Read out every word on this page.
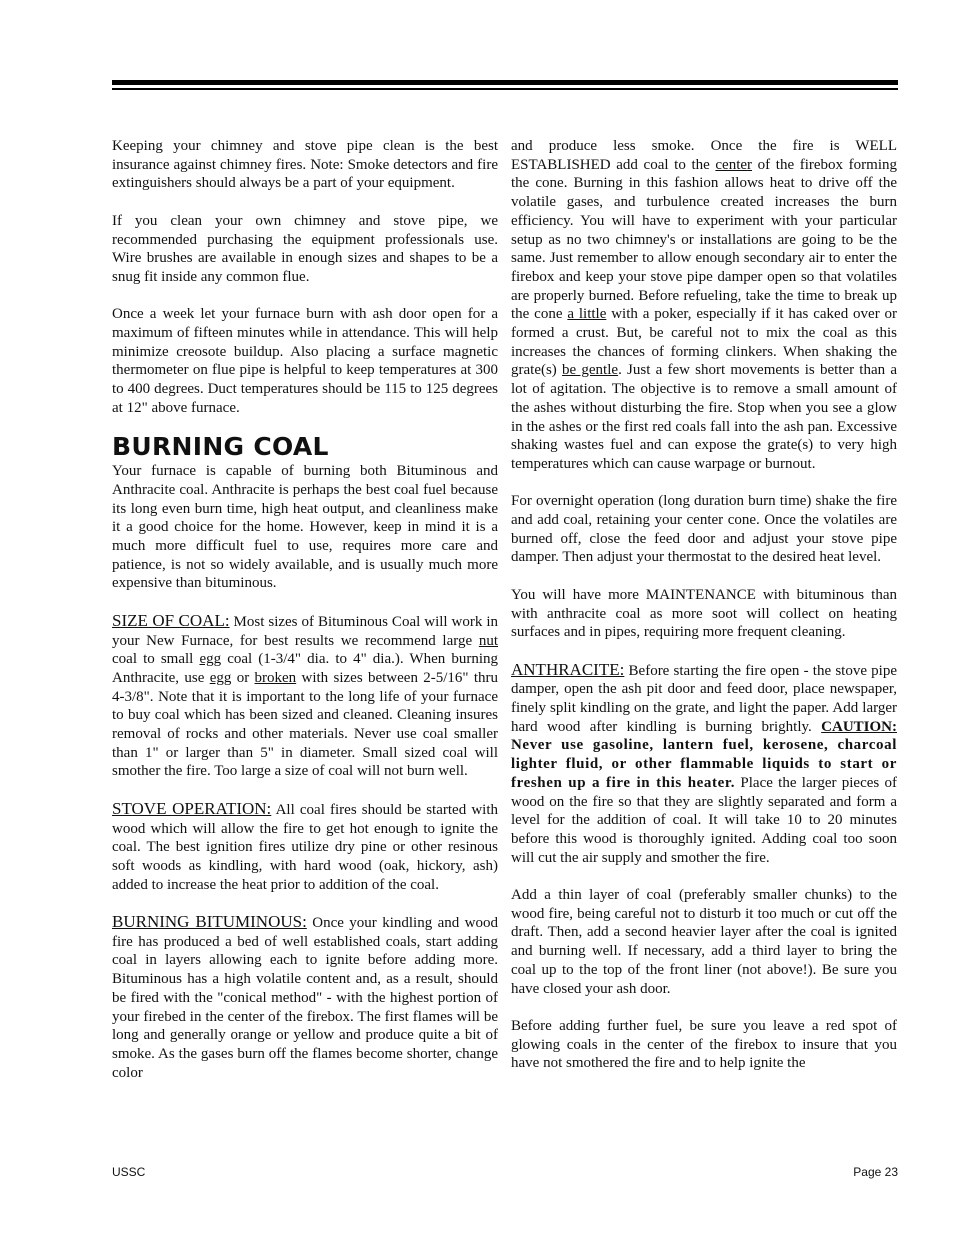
Keeping your chimney and stove pipe clean is the best insurance against chimney fires. Note: Smoke detectors and fire extinguishers should always be a part of your equipment.

If you clean your own chimney and stove pipe, we recommended purchasing the equipment professionals use. Wire brushes are available in enough sizes and shapes to be a snug fit inside any common flue.

Once a week let your furnace burn with ash door open for a maximum of fifteen minutes while in attendance. This will help minimize creosote buildup. Also placing a surface magnetic thermometer on flue pipe is helpful to keep temperatures at 300 to 400 degrees. Duct temperatures should be 115 to 125 degrees at 12" above furnace.

BURNING COAL

Your furnace is capable of burning both Bituminous and Anthracite coal. Anthracite is perhaps the best coal fuel because its long even burn time, high heat output, and cleanliness make it a good choice for the home. However, keep in mind it is a much more difficult fuel to use, requires more care and patience, is not so widely available, and is usually much more expensive than bituminous.

SIZE OF COAL: Most sizes of Bituminous Coal will work in your New Furnace, for best results we recommend large nut coal to small egg coal (1-3/4" dia. to 4" dia.). When burning Anthracite, use egg or broken with sizes between 2-5/16" thru 4-3/8". Note that it is important to the long life of your furnace to buy coal which has been sized and cleaned. Cleaning insures removal of rocks and other materials. Never use coal smaller than 1" or larger than 5" in diameter. Small sized coal will smother the fire. Too large a size of coal will not burn well.

STOVE OPERATION: All coal fires should be started with wood which will allow the fire to get hot enough to ignite the coal. The best ignition fires utilize dry pine or other resinous soft woods as kindling, with hard wood (oak, hickory, ash) added to increase the heat prior to addition of the coal.

BURNING BITUMINOUS: Once your kindling and wood fire has produced a bed of well established coals, start adding coal in layers allowing each to ignite before adding more. Bituminous has a high volatile content and, as a result, should be fired with the "conical method" - with the highest portion of your firebed in the center of the firebox. The first flames will be long and generally orange or yellow and produce quite a bit of smoke. As the gases burn off the flames become shorter, change color

and produce less smoke. Once the fire is WELL ESTABLISHED add coal to the center of the firebox forming the cone. Burning in this fashion allows heat to drive off the volatile gases, and turbulence created increases the burn efficiency. You will have to experiment with your particular setup as no two chimney's or installations are going to be the same. Just remember to allow enough secondary air to enter the firebox and keep your stove pipe damper open so that volatiles are properly burned. Before refueling, take the time to break up the cone a little with a poker, especially if it has caked over or formed a crust. But, be careful not to mix the coal as this increases the chances of forming clinkers. When shaking the grate(s) be gentle. Just a few short movements is better than a lot of agitation. The objective is to remove a small amount of the ashes without disturbing the fire. Stop when you see a glow in the ashes or the first red coals fall into the ash pan. Excessive shaking wastes fuel and can expose the grate(s) to very high temperatures which can cause warpage or burnout.

For overnight operation (long duration burn time) shake the fire and add coal, retaining your center cone. Once the volatiles are burned off, close the feed door and adjust your stove pipe damper. Then adjust your thermostat to the desired heat level.

You will have more MAINTENANCE with bituminous than with anthracite coal as more soot will collect on heating surfaces and in pipes, requiring more frequent cleaning.

ANTHRACITE: Before starting the fire open - the stove pipe damper, open the ash pit door and feed door, place newspaper, finely split kindling on the grate, and light the paper. Add larger hard wood after kindling is burning brightly. CAUTION: Never use gasoline, lantern fuel, kerosene, charcoal lighter fluid, or other flammable liquids to start or freshen up a fire in this heater. Place the larger pieces of wood on the fire so that they are slightly separated and form a level for the addition of coal. It will take 10 to 20 minutes before this wood is thoroughly ignited. Adding coal too soon will cut the air supply and smother the fire.

Add a thin layer of coal (preferably smaller chunks) to the wood fire, being careful not to disturb it too much or cut off the draft. Then, add a second heavier layer after the coal is ignited and burning well. If necessary, add a third layer to bring the coal up to the top of the front liner (not above!). Be sure you have closed your ash door.

Before adding further fuel, be sure you leave a red spot of glowing coals in the center of the firebox to insure that you have not smothered the fire and to help ignite the

USSC	Page 23
